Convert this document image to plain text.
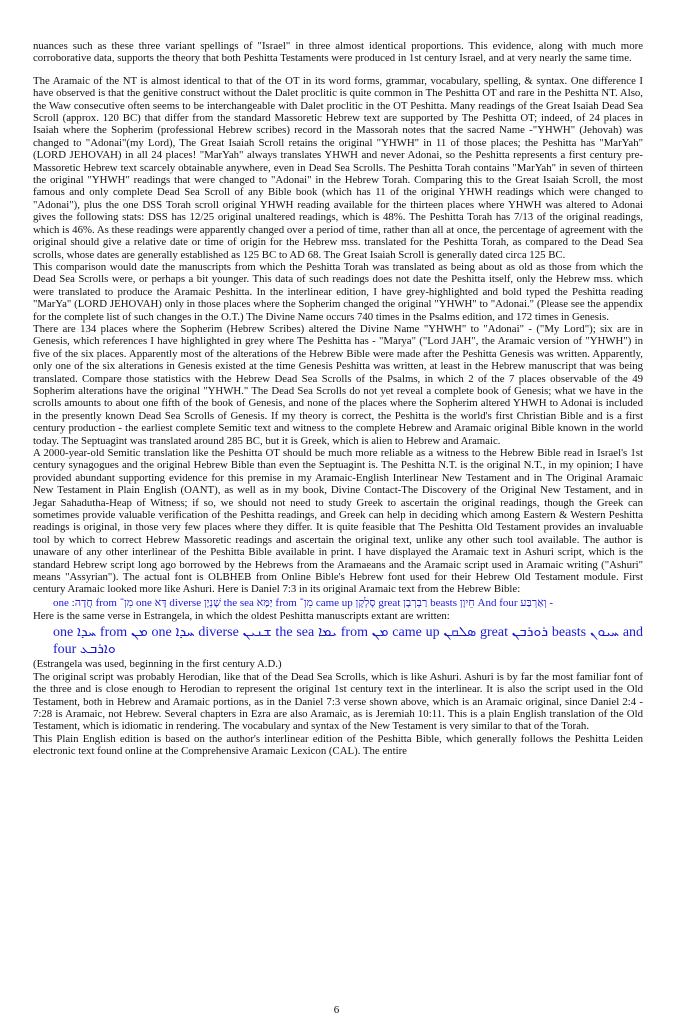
nuances such as these three variant spellings of "Israel" in three almost identical proportions. This evidence, along with much more corroborative data, supports the theory that both Peshitta Testaments were produced in 1st century Israel, and at very nearly the same time.

The Aramaic of the NT is almost identical to that of the OT in its word forms, grammar, vocabulary, spelling, & syntax. One difference I have observed is that the genitive construct without the Dalet proclitic is quite common in The Peshitta OT and rare in the Peshitta NT. Also, the Waw consecutive often seems to be interchangeable with Dalet proclitic in the OT Peshitta. Many readings of the Great Isaiah Dead Sea Scroll (approx. 120 BC) that differ from the standard Massoretic Hebrew text are supported by The Peshitta OT; indeed, of 24 places in Isaiah where the Sopherim (professional Hebrew scribes) record in the Massorah notes that the sacred Name -"YHWH" (Jehovah) was changed to "Adonai"(my Lord), The Great Isaiah Scroll retains the original "YHWH" in 11 of those places; the Peshitta has "MarYah" (LORD JEHOVAH) in all 24 places! "MarYah" always translates YHWH and never Adonai, so the Peshitta represents a first century pre-Massoretic Hebrew text scarcely obtainable anywhere, even in Dead Sea Scrolls. The Peshitta Torah contains "MarYah" in seven of thirteen the original "YHWH" readings that were changed to "Adonai" in the Hebrew Torah. Comparing this to the Great Isaiah Scroll, the most famous and only complete Dead Sea Scroll of any Bible book (which has 11 of the original YHWH readings which were changed to "Adonai"), plus the one DSS Torah scroll original YHWH reading available for the thirteen places where YHWH was altered to Adonai gives the following stats: DSS has 12/25 original unaltered readings, which is 48%. The Peshitta Torah has 7/13 of the original readings, which is 46%. As these readings were apparently changed over a period of time, rather than all at once, the percentage of agreement with the original should give a relative date or time of origin for the Hebrew mss. translated for the Peshitta Torah, as compared to the Dead Sea scrolls, whose dates are generally established as 125 BC to AD 68. The Great Isaiah Scroll is generally dated circa 125 BC.

This comparison would date the manuscripts from which the Peshitta Torah was translated as being about as old as those from which the Dead Sea Scrolls were, or perhaps a bit younger. This data of such readings does not date the Peshitta itself, only the Hebrew mss. which were translated to produce the Aramaic Peshitta. In the interlinear edition, I have grey-highlighted and bold typed the Peshitta reading "MarYa" (LORD JEHOVAH) only in those places where the Sopherim changed the original "YHWH" to "Adonai." (Please see the appendix for the complete list of such changes in the O.T.) The Divine Name occurs 740 times in the Psalms edition, and 172 times in Genesis.

There are 134 places where the Sopherim (Hebrew Scribes) altered the Divine Name "YHWH" to "Adonai" - ("My Lord"); six are in Genesis, which references I have highlighted in grey where The Peshitta has - "Marya" ("Lord JAH", the Aramaic version of "YHWH") in five of the six places. Apparently most of the alterations of the Hebrew Bible were made after the Peshitta Genesis was written. Apparently, only one of the six alterations in Genesis existed at the time Genesis Peshitta was written, at least in the Hebrew manuscript that was being translated. Compare those statistics with the Hebrew Dead Sea Scrolls of the Psalms, in which 2 of the 7 places observable of the 49 Sopherim alterations have the original "YHWH." The Dead Sea Scrolls do not yet reveal a complete book of Genesis; what we have in the scrolls amounts to about one fifth of the book of Genesis, and none of the places where the Sopherim altered YHWH to Adonai is included in the presently known Dead Sea Scrolls of Genesis. If my theory is correct, the Peshitta is the world's first Christian Bible and is a first century production - the earliest complete Semitic text and witness to the complete Hebrew and Aramaic original Bible known in the world today. The Septuagint was translated around 285 BC, but it is Greek, which is alien to Hebrew and Aramaic.

A 2000-year-old Semitic translation like the Peshitta OT should be much more reliable as a witness to the Hebrew Bible read in Israel's 1st century synagogues and the original Hebrew Bible than even the Septuagint is. The Peshitta N.T. is the original N.T., in my opinion; I have provided abundant supporting evidence for this premise in my Aramaic-English Interlinear New Testament and in The Original Aramaic New Testament in Plain English (OANT), as well as in my book, Divine Contact-The Discovery of the Original New Testament, and in Jegar Sahadutha-Heap of Witness; if so, we should not need to study Greek to ascertain the original readings, though the Greek can sometimes provide valuable verification of the Peshitta readings, and Greek can help in deciding which among Eastern & Western Peshitta readings is original, in those very few places where they differ. It is quite feasible that The Peshitta Old Testament provides an invaluable tool by which to correct Hebrew Massoretic readings and ascertain the original text, unlike any other such tool available. The author is unaware of any other interlinear of the Peshitta Bible available in print. I have displayed the Aramaic text in Ashuri script, which is the standard Hebrew script long ago borrowed by the Hebrews from the Aramaeans and the Aramaic script used in Aramaic writing ("Ashuri" means "Assyrian"). The actual font is OLBHEB from Online Bible's Hebrew font used for their Hebrew Old Testament module. First century Aramaic looked more like Ashuri. Here is Daniel 7:3 in its original Aramaic text from the Hebrew Bible:

one :חֲדָה from מִן־ one דָּא diverse שָׁנְיָן the sea יַמָּא from מִן־ came up סָלְקָן great רַבְרְבָן beasts חֵיוָן And four וְאַרְבַּע -

Here is the same verse in Estrangela, in which the oldest Peshitta manuscripts extant are written:

one ܚܕܐ from ܡܢ one ܚܕܐ diverse ܫܢܝܢ the sea ܝܡܐ from ܡܢ came up ܣܠܩܢ great ܪܘܪܒܢ beasts ܚܝܘܢ and four ܘܐܪܒܥ

(Estrangela was used, beginning in the first century A.D.)

The original script was probably Herodian, like that of the Dead Sea Scrolls, which is like Ashuri. Ashuri is by far the most familiar font of the three and is close enough to Herodian to represent the original 1st century text in the interlinear. It is also the script used in the Old Testament, both in Hebrew and Aramaic portions, as in the Daniel 7:3 verse shown above, which is an Aramaic original, since Daniel 2:4 - 7:28 is Aramaic, not Hebrew. Several chapters in Ezra are also Aramaic, as is Jeremiah 10:11. This is a plain English translation of the Old Testament, which is idiomatic in rendering. The vocabulary and syntax of the New Testament is very similar to that of the Torah.

This Plain English edition is based on the author's interlinear edition of the Peshitta Bible, which generally follows the Peshitta Leiden electronic text found online at the Comprehensive Aramaic Lexicon (CAL). The entire

6
